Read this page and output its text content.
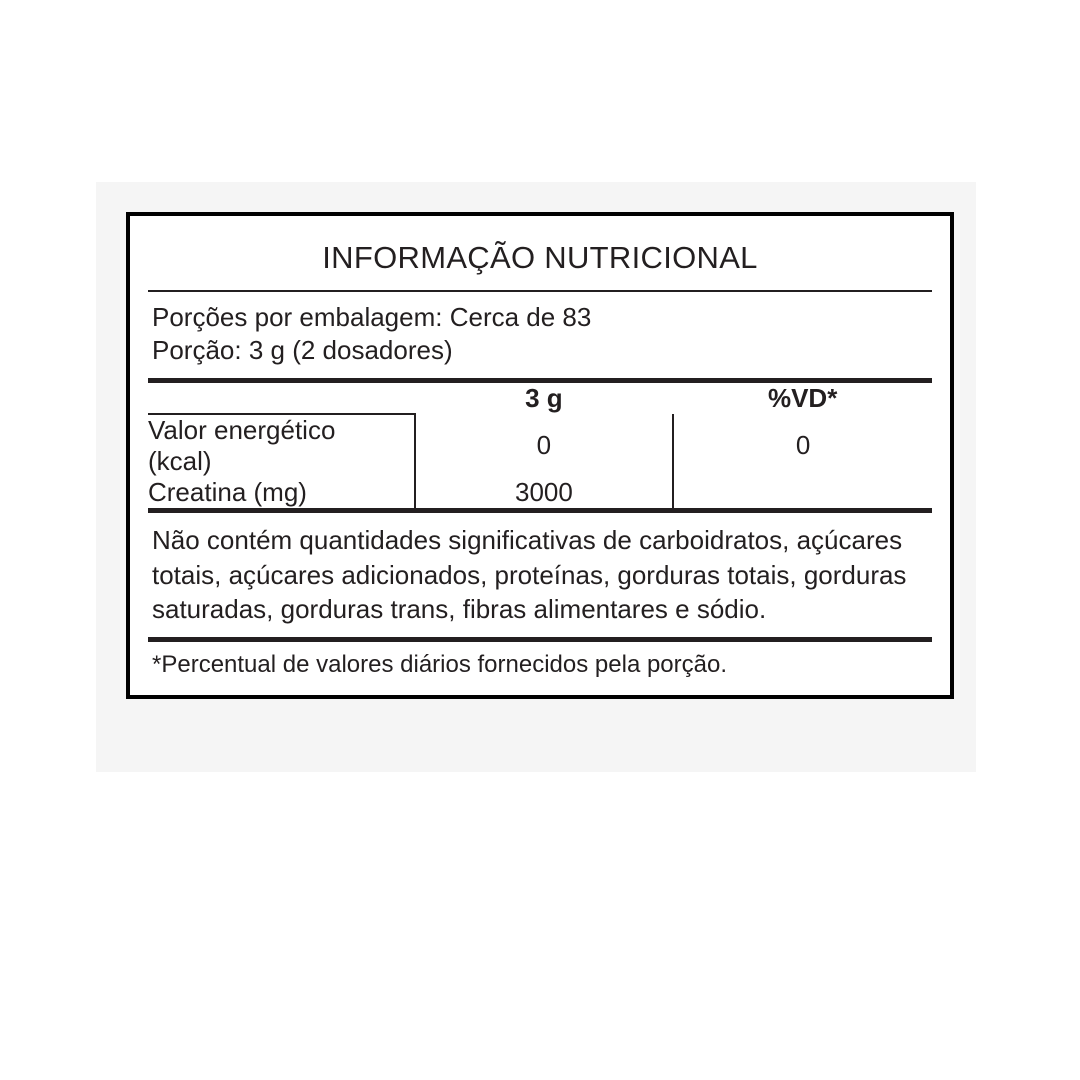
INFORMAÇÃO NUTRICIONAL
Porções por embalagem: Cerca de 83
Porção: 3 g (2 dosadores)
	3 g	%VD*
Valor energético
(kcal)	0	0
Creatina (mg)	3000	
Não contém quantidades significativas de carboidratos, açúcares totais, açúcares adicionados, proteínas, gorduras totais, gorduras saturadas, gorduras trans, fibras alimentares e sódio.
*Percentual de valores diários fornecidos pela porção.
